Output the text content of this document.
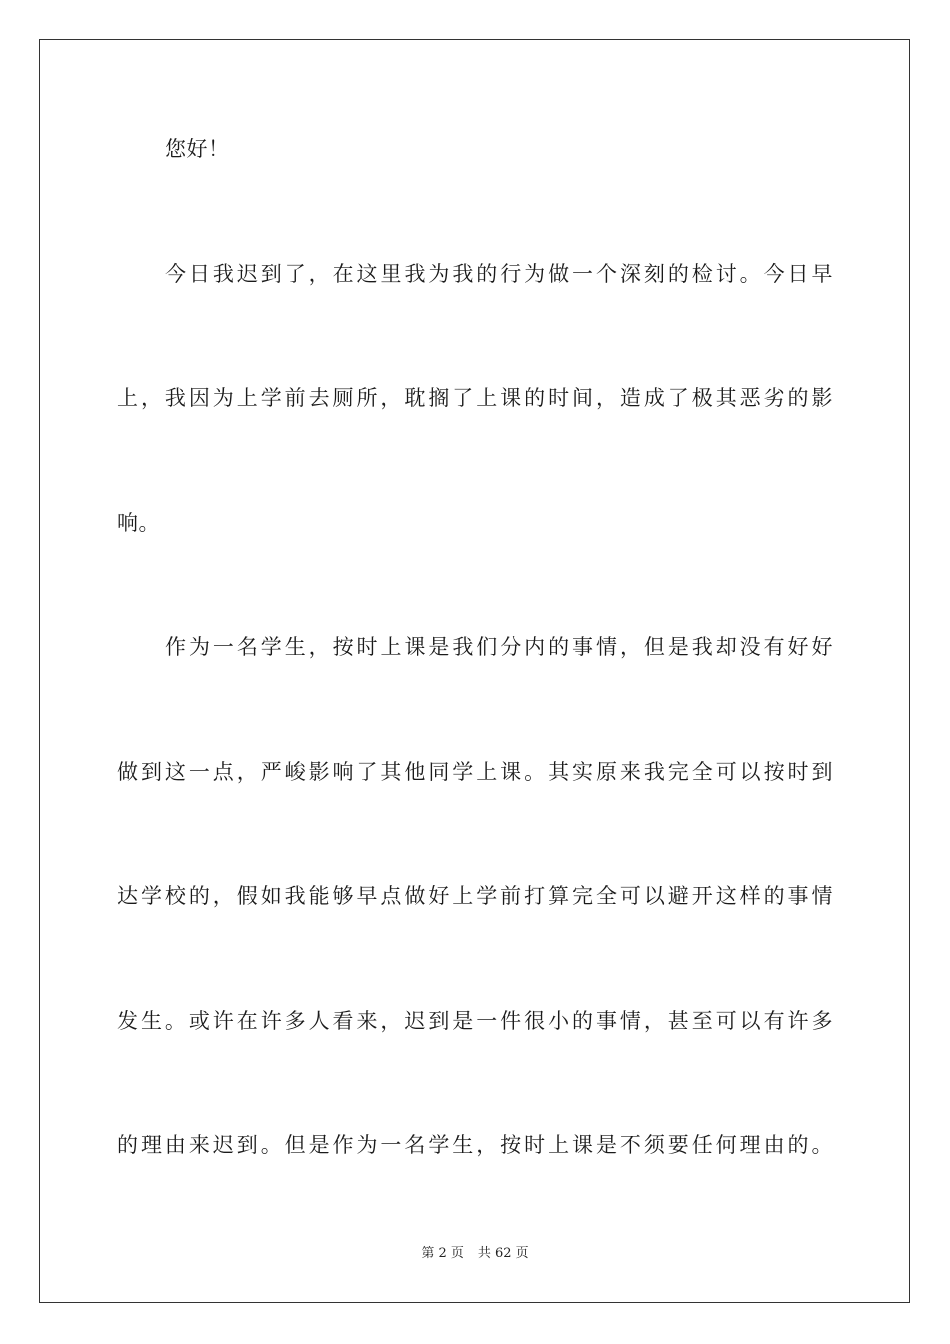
您好！
今日我迟到了，在这里我为我的行为做一个深刻的检讨。今日早
上，我因为上学前去厕所，耽搁了上课的时间，造成了极其恶劣的影
响。
作为一名学生，按时上课是我们分内的事情，但是我却没有好好
做到这一点，严峻影响了其他同学上课。其实原来我完全可以按时到
达学校的，假如我能够早点做好上学前打算完全可以避开这样的事情
发生。或许在许多人看来，迟到是一件很小的事情，甚至可以有许多
的理由来迟到。但是作为一名学生，按时上课是不须要任何理由的。
第 2 页 共 62 页
